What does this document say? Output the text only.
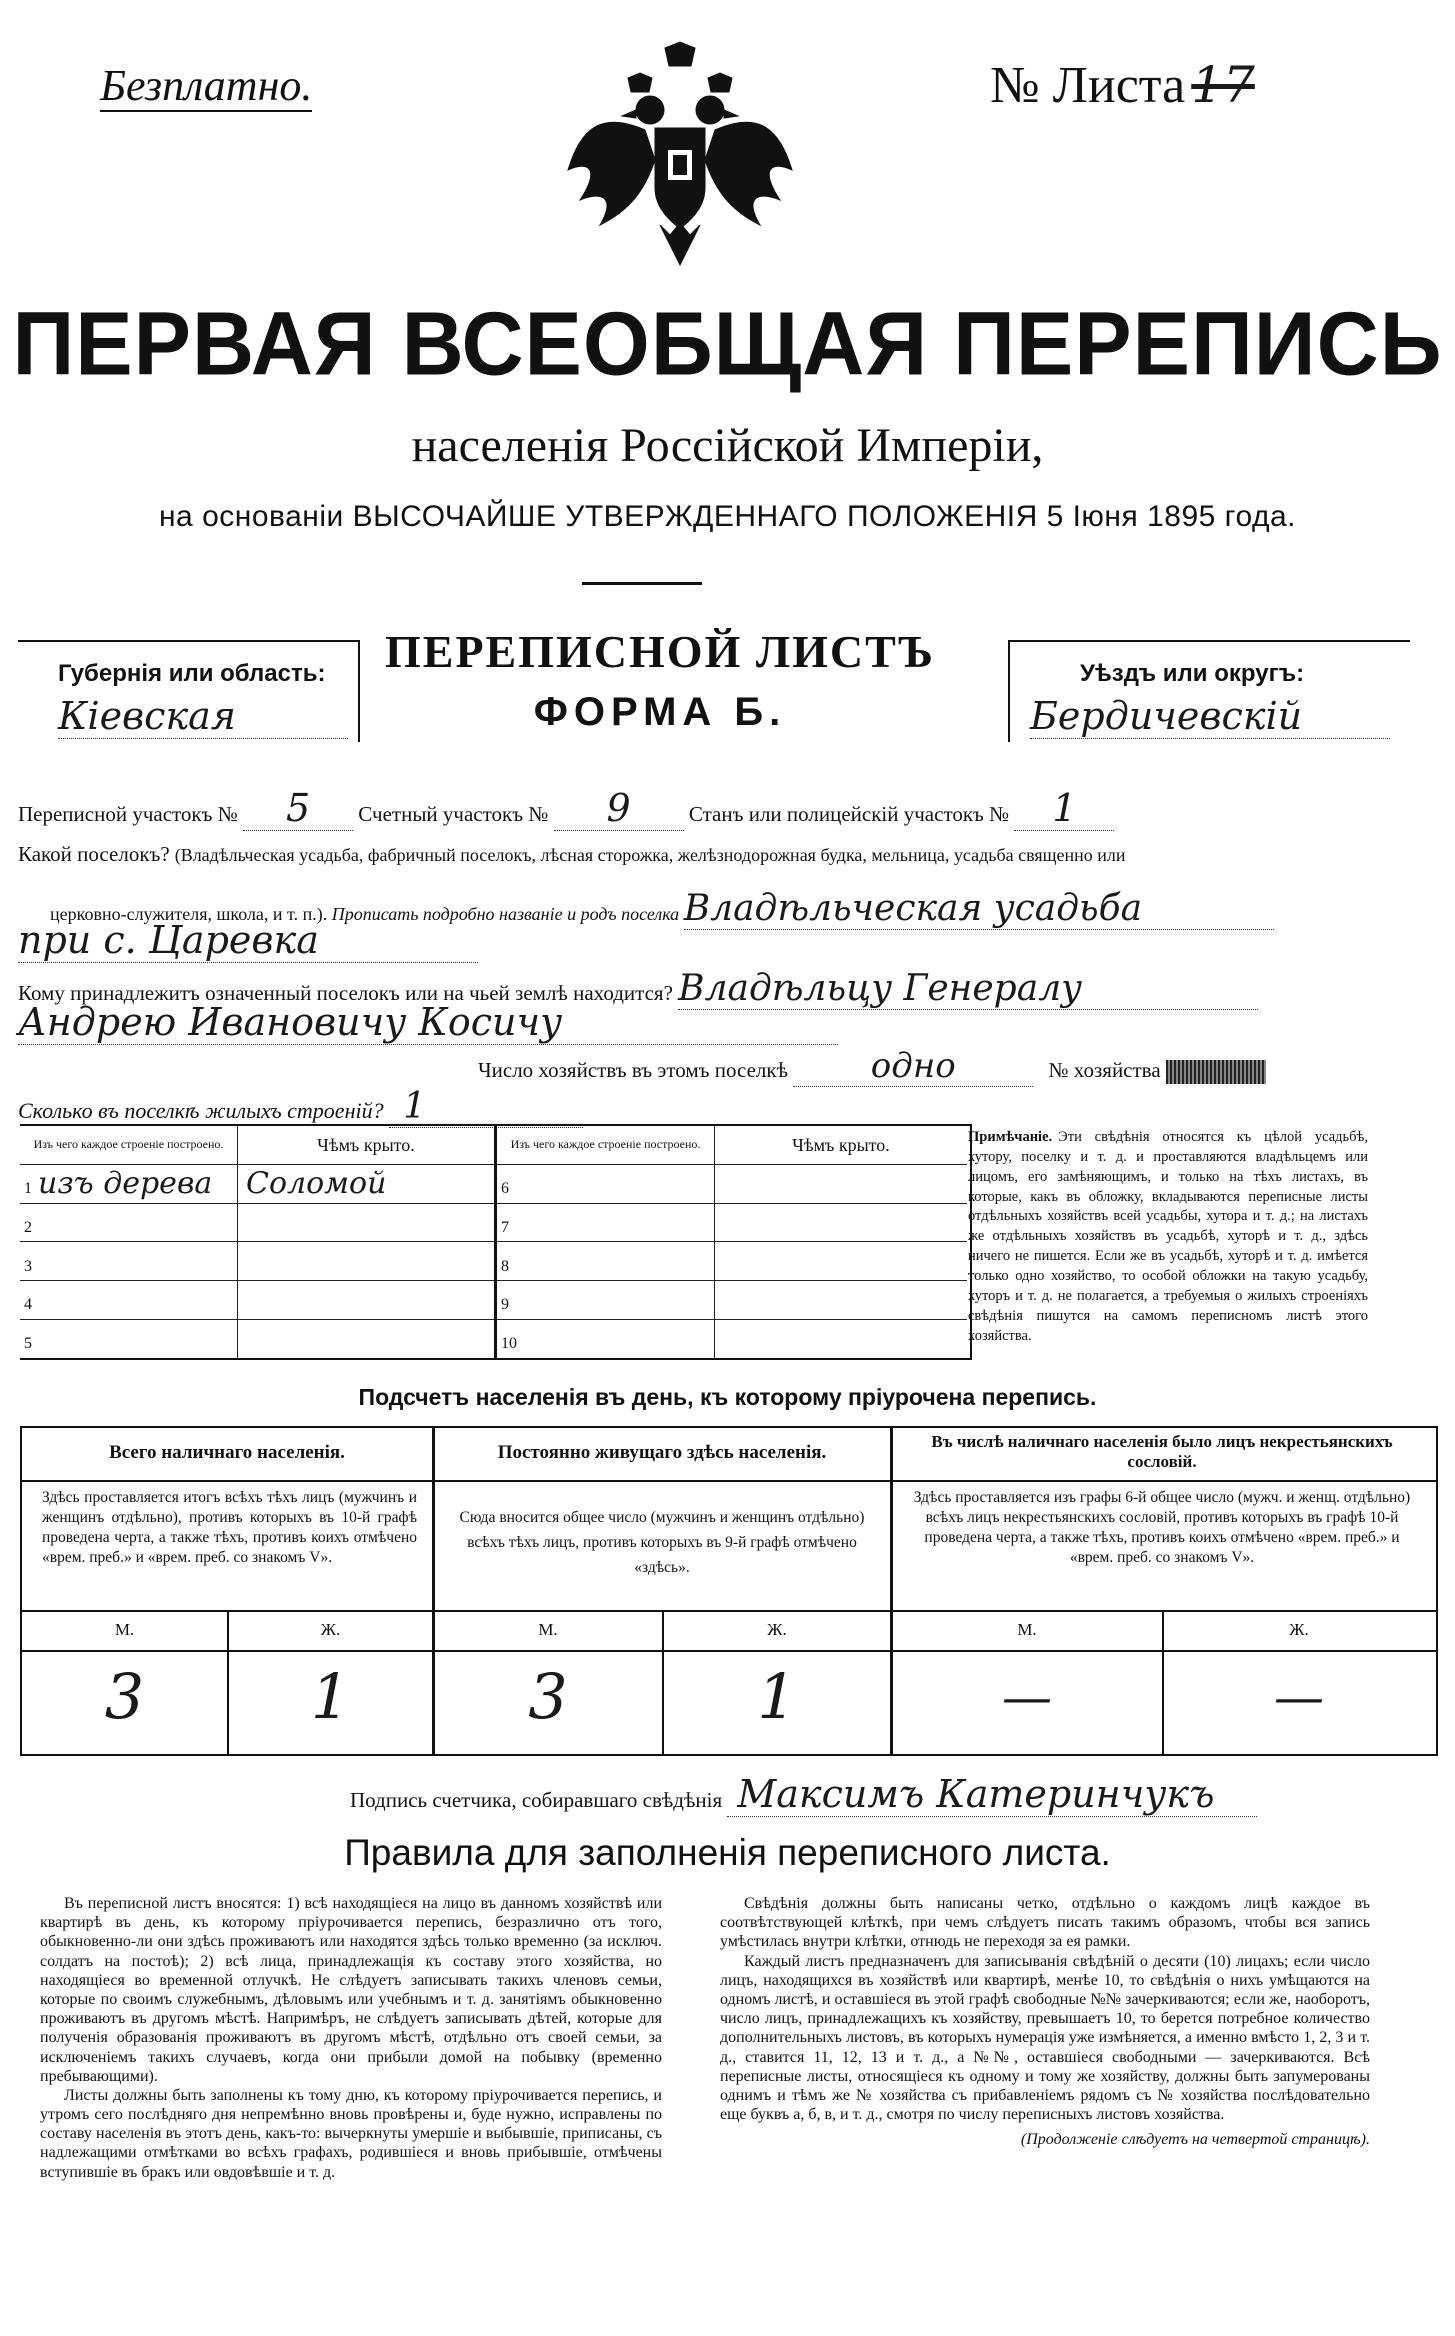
Безплатно.	№ Листа 17
ПЕРВАЯ ВСЕОБЩАЯ ПЕРЕПИСЬ
населенія Россійской Имперіи,
на основаніи ВЫСОЧАЙШЕ УТВЕРЖДЕННАГО ПОЛОЖЕНІЯ 5 Іюня 1895 года.
Губернія или область:
Кіевская
ПЕРЕПИСНОЙ ЛИСТЪ
ФОРМА Б.
Уѣздъ или округъ:
Бердичевскій
Переписной участокъ № 5 Счетный участокъ № 9	Станъ или полицейскій участокъ № 1
Какой поселокъ? (Владѣльческая усадьба, фабричный поселокъ, лѣсная сторожка, желѣзнодорожная будка, мельница, усадьба священно или
церковно-служителя, школа, и т. п.). Прописать подробно названіе и родъ поселка Владѣльческая усадьба
при с. Царевка
Кому принадлежитъ означенный поселокъ или на чьей землѣ находится? Владѣльцу Генералу
Андрею Ивановичу Косичу
Число хозяйствъ въ этомъ поселкѣ одно	№ хозяйства
Сколько въ поселкѣ жилыхъ строеній? 1
Изъ чего каждое строеніе построено.	Чѣмъ крыто.
1 изъ дерева	Соломой
2	
3	
4	
5	
Изъ чего каждое строеніе построено.	Чѣмъ крыто.
6	
7	
8	
9	
10	
Примѣчаніе. Эти свѣдѣнія относятся къ цѣлой усадьбѣ, хутору, поселку и т. д. и проставляются владѣльцемъ или лицомъ, его замѣняющимъ, и только на тѣхъ листахъ, въ которые, какъ въ обложку, вкладываются переписные листы отдѣльныхъ хозяйствъ всей усадьбы, хутора и т. д.; на листахъ же отдѣльныхъ хозяйствъ въ усадьбѣ, хуторѣ и т. д., здѣсь ничего не пишется. Если же въ усадьбѣ, хуторѣ и т. д. имѣется только одно хозяйство, то особой обложки на такую усадьбу, хуторъ и т. д. не полагается, а требуемыя о жилыхъ строеніяхъ свѣдѣнія пишутся на самомъ переписномъ листѣ этого хозяйства.
Подсчетъ населенія въ день, къ которому пріурочена перепись.
Всего наличнаго населенія.	Постоянно живущаго здѣсь населенія.
Въ числѣ наличнаго населенія было лицъ некрестьянскихъ сословій.
Здѣсь проставляется итогъ всѣхъ тѣхъ лицъ (мужчинъ и женщинъ отдѣльно), противъ которыхъ въ 10-й графѣ проведена черта, а также тѣхъ, противъ коихъ отмѣчено «врем. преб.» и «врем. преб. со знакомъ V».
Сюда вносится общее число (мужчинъ и женщинъ отдѣльно) всѣхъ тѣхъ лицъ, противъ которыхъ въ 9-й графѣ отмѣчено «здѣсь».
Здѣсь проставляется изъ графы 6-й общее число (мужч. и женщ. отдѣльно) всѣхъ лицъ некрестьянскихъ сословій, противъ которыхъ въ графѣ 10-й проведена черта, а также тѣхъ, противъ коихъ отмѣчено «врем. преб.» и «врем. преб. со знакомъ V».
М.	Ж.	М.	Ж.	М.	Ж.
3	1	3	1	—	—
Подпись счетчика, собиравшаго свѣдѣнія Максимъ Катеринчукъ
Правила для заполненія переписного листа.

Въ переписной листъ вносятся: 1) всѣ находящіеся на лицо въ данномъ хозяйствѣ или квартирѣ въ день, къ которому пріурочивается перепись, безразлично отъ того, обыкновенно-ли они здѣсь проживаютъ или находятся здѣсь только временно (за исключ. солдатъ на постоѣ); 2) всѣ лица, принадлежащія къ составу этого хозяйства, но находящіеся во временной отлучкѣ. Не слѣдуетъ записывать такихъ членовъ семьи, которые по своимъ служебнымъ, дѣловымъ или учебнымъ и т. д. занятіямъ обыкновенно проживаютъ въ другомъ мѣстѣ. Напримѣръ, не слѣдуетъ записывать дѣтей, которые для полученія образованія проживаютъ въ другомъ мѣстѣ, отдѣльно отъ своей семьи, за исключеніемъ такихъ случаевъ, когда они прибыли домой на побывку (временно пребывающими).

Листы должны быть заполнены къ тому дню, къ которому пріурочивается перепись, и утромъ сего послѣдняго дня непремѣнно вновь провѣрены и, буде нужно, исправлены по составу населенія въ этотъ день, какъ-то: вычеркнуты умершіе и выбывшіе, приписаны, съ надлежащими отмѣтками во всѣхъ графахъ, родившіеся и вновь прибывшіе, отмѣчены вступившіе въ бракъ или овдовѣвшіе и т. д.

Свѣдѣнія должны быть написаны четко, отдѣльно о каждомъ лицѣ каждое въ соотвѣтствующей клѣткѣ, при чемъ слѣдуетъ писать такимъ образомъ, чтобы вся запись умѣстилась внутри клѣтки, отнюдь не переходя за ея рамки.

Каждый листъ предназначенъ для записыванія свѣдѣній о десяти (10) лицахъ; если число лицъ, находящихся въ хозяйствѣ или квартирѣ, менѣе 10, то свѣдѣнія о нихъ умѣщаются на одномъ листѣ, и оставшіеся въ этой графѣ свободные №№ зачеркиваются; если же, наоборотъ, число лицъ, принадлежащихъ къ хозяйству, превышаетъ 10, то берется потребное количество дополнительныхъ листовъ, въ которыхъ нумерація уже измѣняется, а именно вмѣсто 1, 2, 3 и т. д., ставится 11, 12, 13 и т. д., а №№, оставшіеся свободными — зачеркиваются. Всѣ переписные листы, относящіеся къ одному и тому же хозяйству, должны быть запумерованы однимъ и тѣмъ же № хозяйства съ прибавленіемъ рядомъ съ № хозяйства послѣдовательно еще буквъ а, б, в, и т. д., смотря по числу переписныхъ листовъ хозяйства.

(Продолженіе слѣдуетъ на четвертой страницѣ).
